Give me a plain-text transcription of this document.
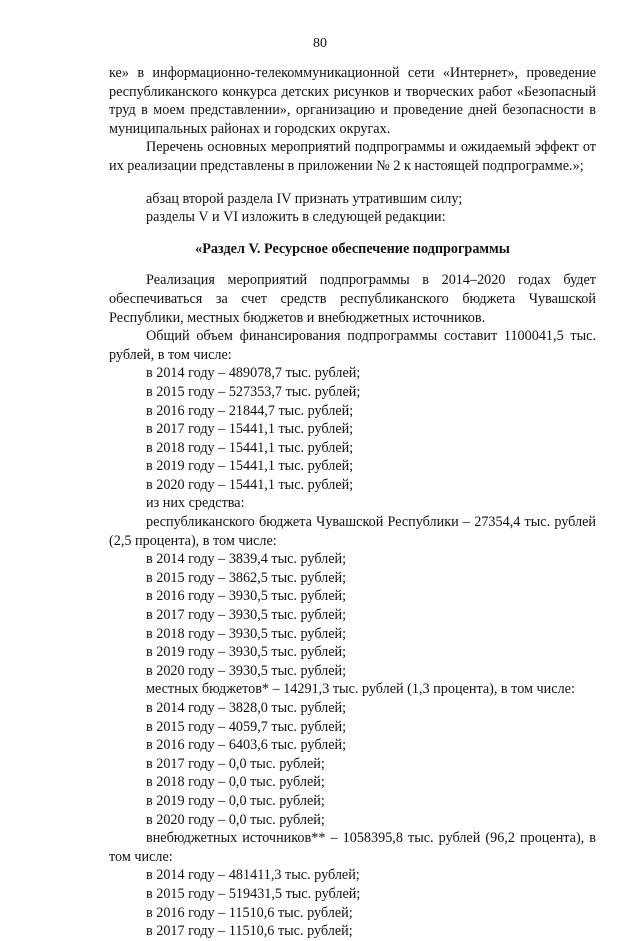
80

ке» в информационно-телекоммуникационной сети «Интернет», проведение

республиканского конкурса детских рисунков и творческих работ «Безопасный труд в моем представлении», организацию и проведение дней безопасности в муниципальных районах и городских округах.

Перечень основных мероприятий подпрограммы и ожидаемый эффект от их реализации представлены в приложении № 2 к настоящей подпрограмме.»;

абзац второй раздела IV признать утратившим силу;

разделы V и VI изложить в следующей редакции:

«Раздел V. Ресурсное обеспечение подпрограммы

Реализация мероприятий подпрограммы в 2014–2020 годах будет обеспечиваться за счет средств республиканского бюджета Чувашской Республики, местных бюджетов и внебюджетных источников.

Общий объем финансирования подпрограммы составит 1100041,5 тыс. рублей, в том числе:

в 2014 году – 489078,7 тыс. рублей;

в 2015 году – 527353,7 тыс. рублей;

в 2016 году – 21844,7 тыс. рублей;

в 2017 году – 15441,1 тыс. рублей;

в 2018 году – 15441,1 тыс. рублей;

в 2019 году – 15441,1 тыс. рублей;

в 2020 году – 15441,1 тыс. рублей;

из них средства:

республиканского бюджета Чувашской Республики – 27354,4 тыс. рублей (2,5 процента), в том числе:

в 2014 году – 3839,4 тыс. рублей;

в 2015 году – 3862,5 тыс. рублей;

в 2016 году – 3930,5 тыс. рублей;

в 2017 году – 3930,5 тыс. рублей;

в 2018 году – 3930,5 тыс. рублей;

в 2019 году – 3930,5 тыс. рублей;

в 2020 году – 3930,5 тыс. рублей;

местных бюджетов* – 14291,3 тыс. рублей (1,3 процента), в том числе:

в 2014 году – 3828,0 тыс. рублей;

в 2015 году – 4059,7 тыс. рублей;

в 2016 году – 6403,6 тыс. рублей;

в 2017 году – 0,0 тыс. рублей;

в 2018 году – 0,0 тыс. рублей;

в 2019 году – 0,0 тыс. рублей;

в 2020 году – 0,0 тыс. рублей;

внебюджетных источников** – 1058395,8 тыс. рублей (96,2 процента), в том числе:

в 2014 году – 481411,3 тыс. рублей;

в 2015 году – 519431,5 тыс. рублей;

в 2016 году – 11510,6 тыс. рублей;

в 2017 году – 11510,6 тыс. рублей;
